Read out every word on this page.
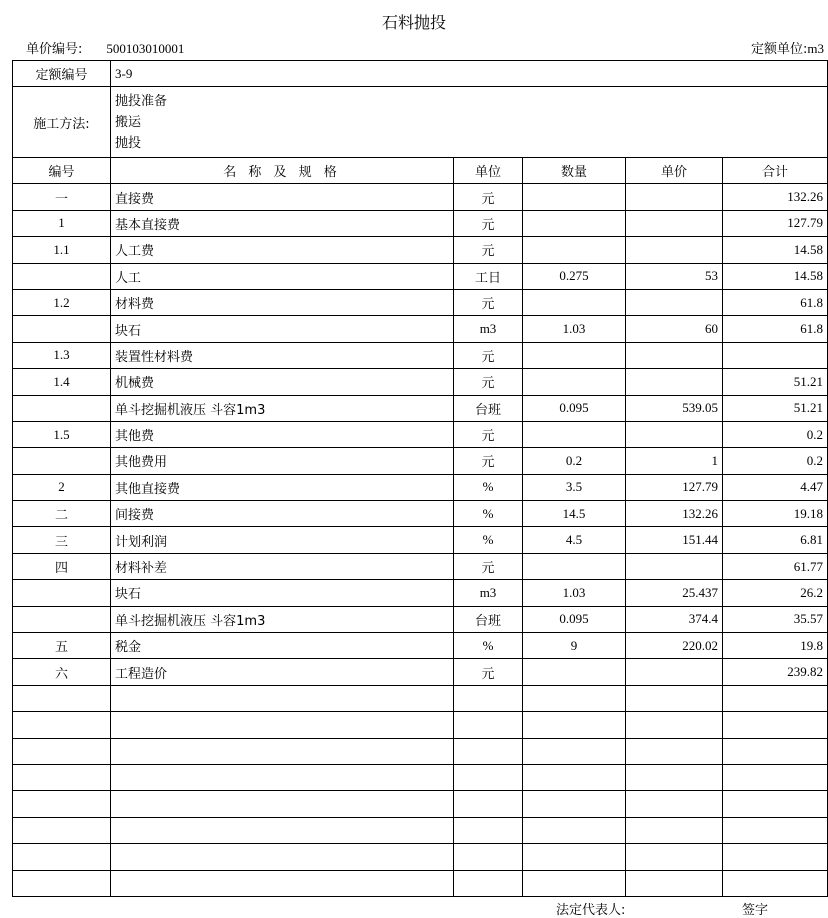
石料抛投
单价编号: 500103010001	定额单位:m3
定额编号	3-9				
施工方法:	抛投准备
搬运
抛投				

编号	名 称 及 规 格	单位	数量	单价	合计
一	直接费	元			132.26
1	基本直接费	元			127.79
1.1	人工费	元			14.58
	人工	工日	0.275	53	14.58
1.2	材料费	元			61.8
	块石	m3	1.03	60	61.8
1.3	装置性材料费	元			
1.4	机械费	元			51.21
	单斗挖掘机液压 斗容1m3	台班	0.095	539.05	51.21
1.5	其他费	元			0.2
	其他费用	元	0.2	1	0.2
2	其他直接费	%	3.5	127.79	4.47
二	间接费	%	14.5	132.26	19.18
三	计划利润	%	4.5	151.44	6.81
四	材料补差	元			61.77
	块石	m3	1.03	25.437	26.2
	单斗挖掘机液压 斗容1m3	台班	0.095	374.4	35.57
五	税金	%	9	220.02	19.8
六	工程造价	元			239.82

法定代表人:	签字
